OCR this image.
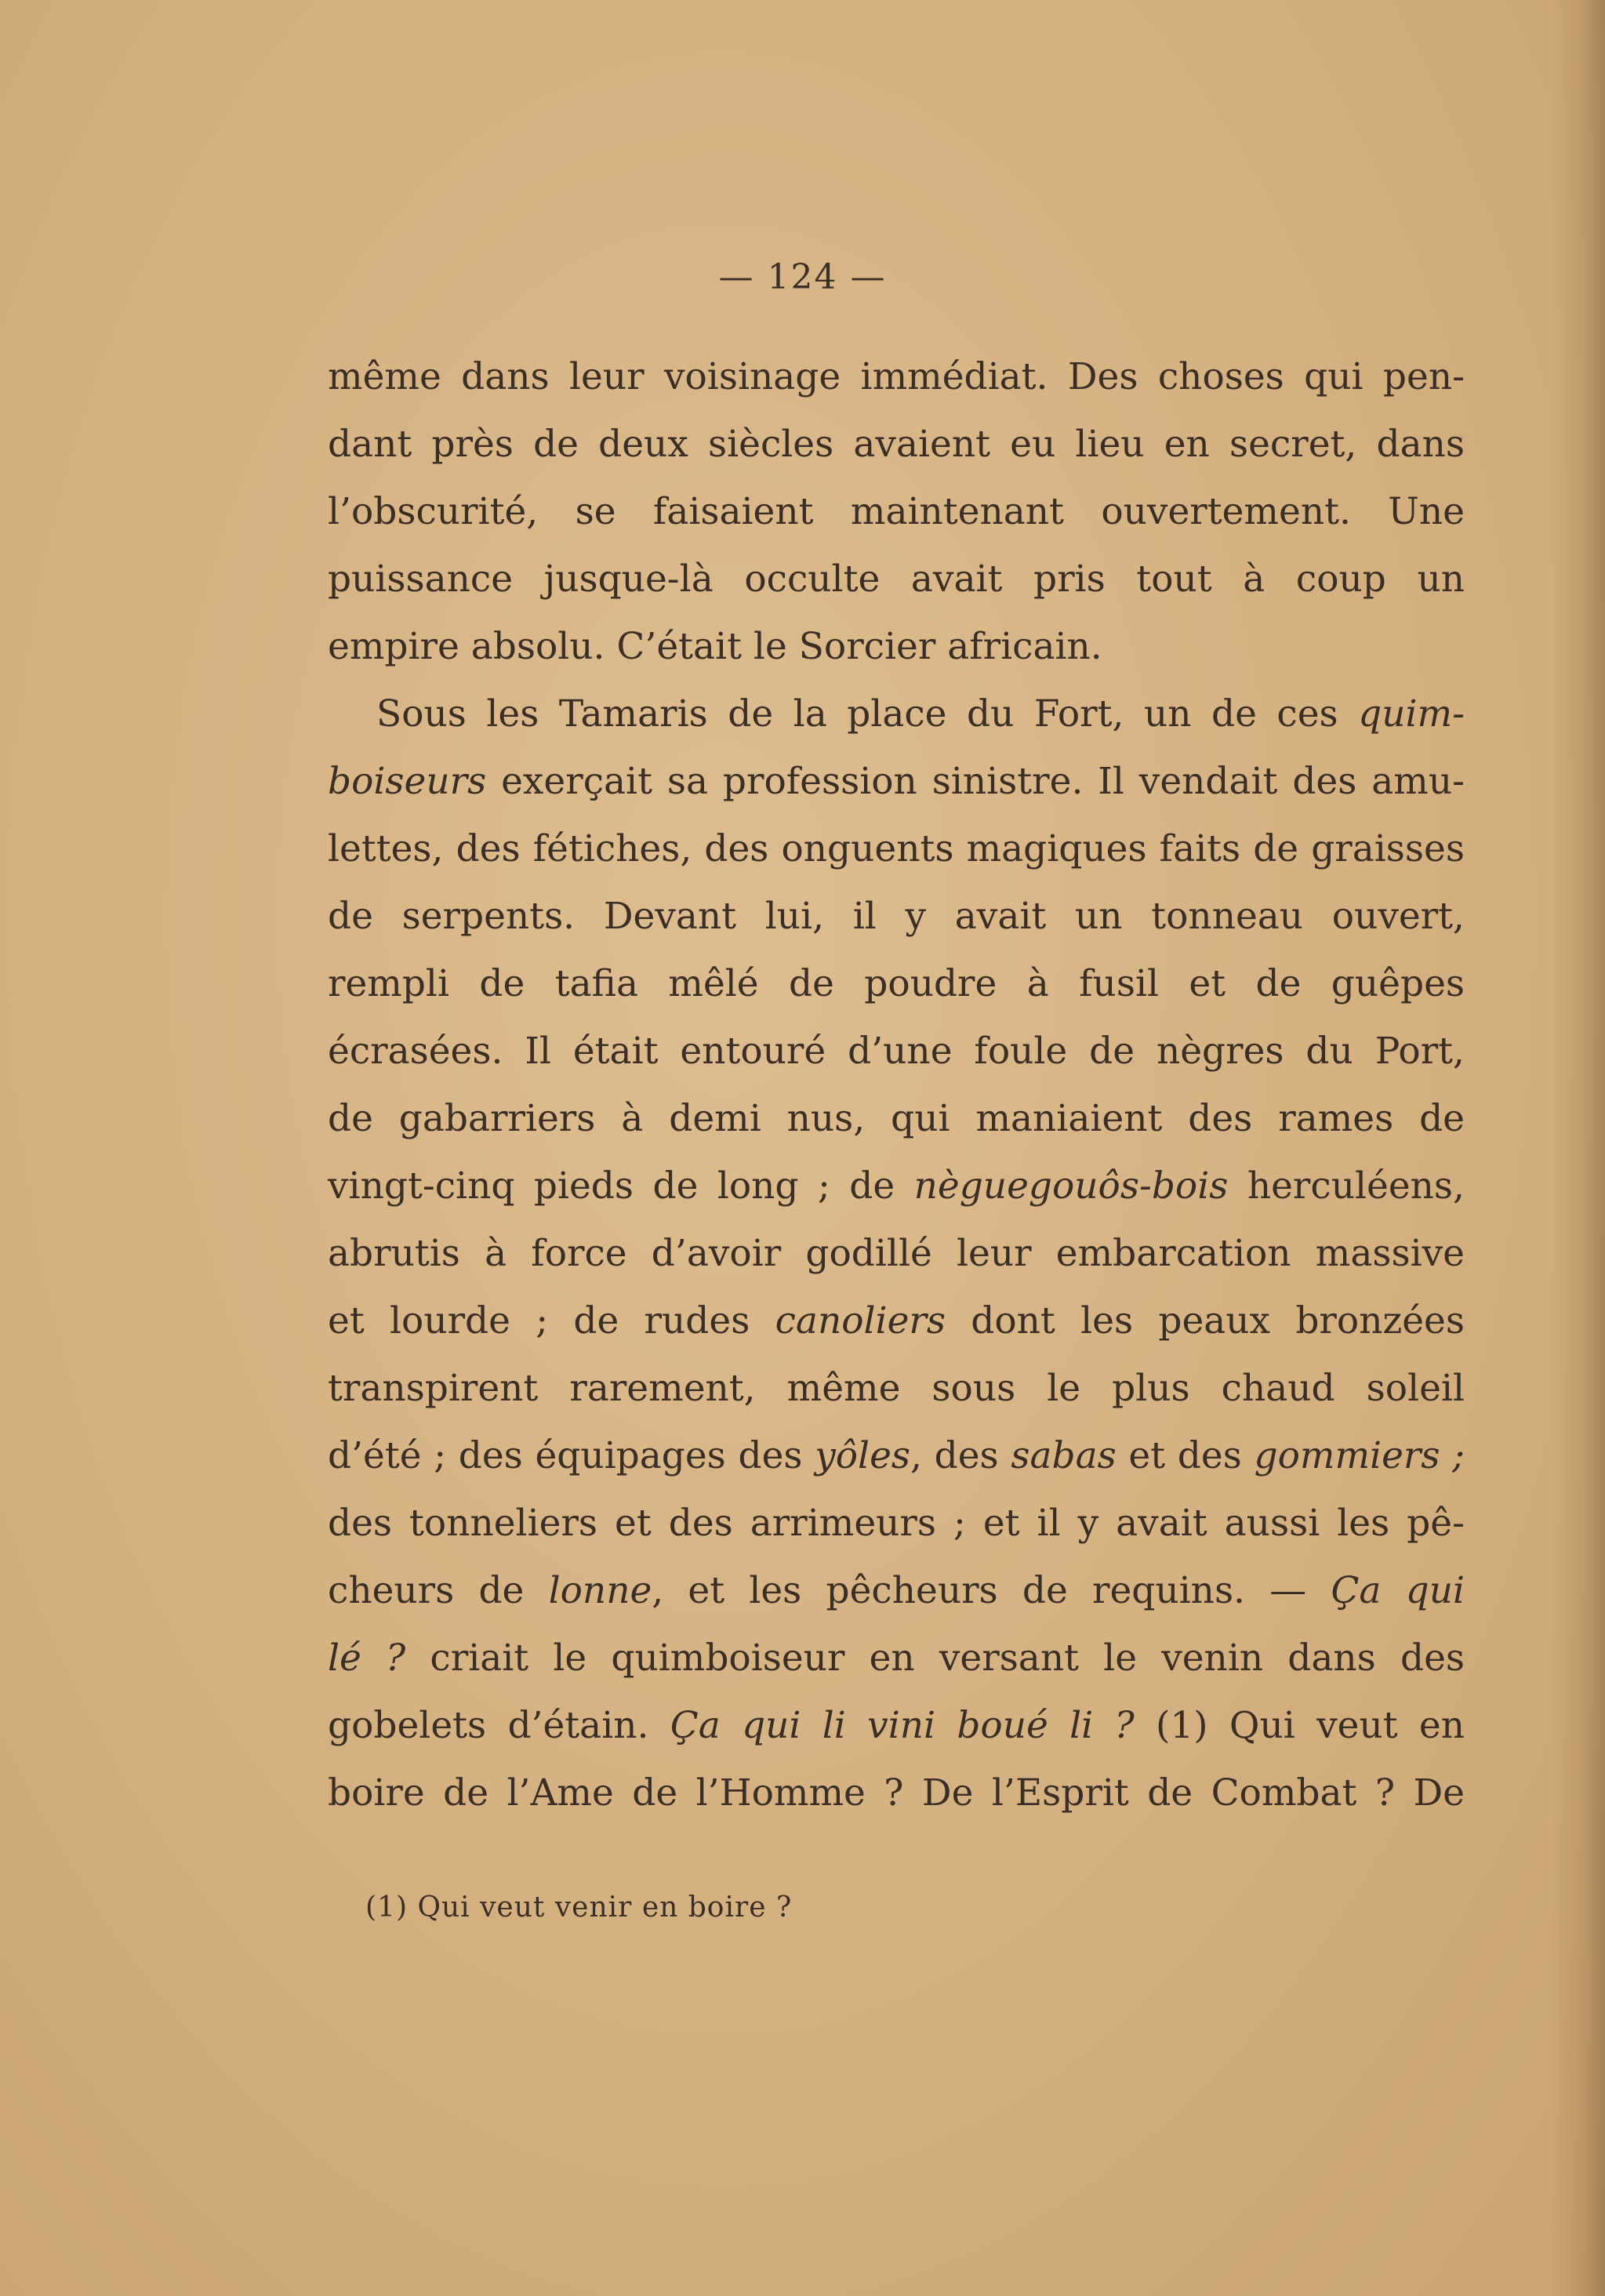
— 124 —
même dans leur voisinage immédiat. Des choses qui pen-
dant près de deux siècles avaient eu lieu en secret, dans
l’obscurité, se faisaient maintenant ouvertement. Une
puissance jusque-là occulte avait pris tout à coup un
empire absolu. C’était le Sorcier africain.
Sous les Tamaris de la place du Fort, un de ces quim-
boiseurs exerçait sa profession sinistre. Il vendait des amu-
lettes, des fétiches, des onguents magiques faits de graisses
de serpents. Devant lui, il y avait un tonneau ouvert,
rempli de tafia mêlé de poudre à fusil et de guêpes
écrasées. Il était entouré d’une foule de nègres du Port,
de gabarriers à demi nus, qui maniaient des rames de
vingt-cinq pieds de long ; de nèguegouôs-bois herculéens,
abrutis à force d’avoir godillé leur embarcation massive
et lourde ; de rudes canoliers dont les peaux bronzées
transpirent rarement, même sous le plus chaud soleil
d’été ; des équipages des yôles, des sabas et des gommiers ;
des tonneliers et des arrimeurs ; et il y avait aussi les pê-
cheurs de lonne, et les pêcheurs de requins. — Ça qui
lé ? criait le quimboiseur en versant le venin dans des
gobelets d’étain. Ça qui li vini boué li ? (1) Qui veut en
boire de l’Ame de l’Homme ? De l’Esprit de Combat ? De
(1) Qui veut venir en boire ?
